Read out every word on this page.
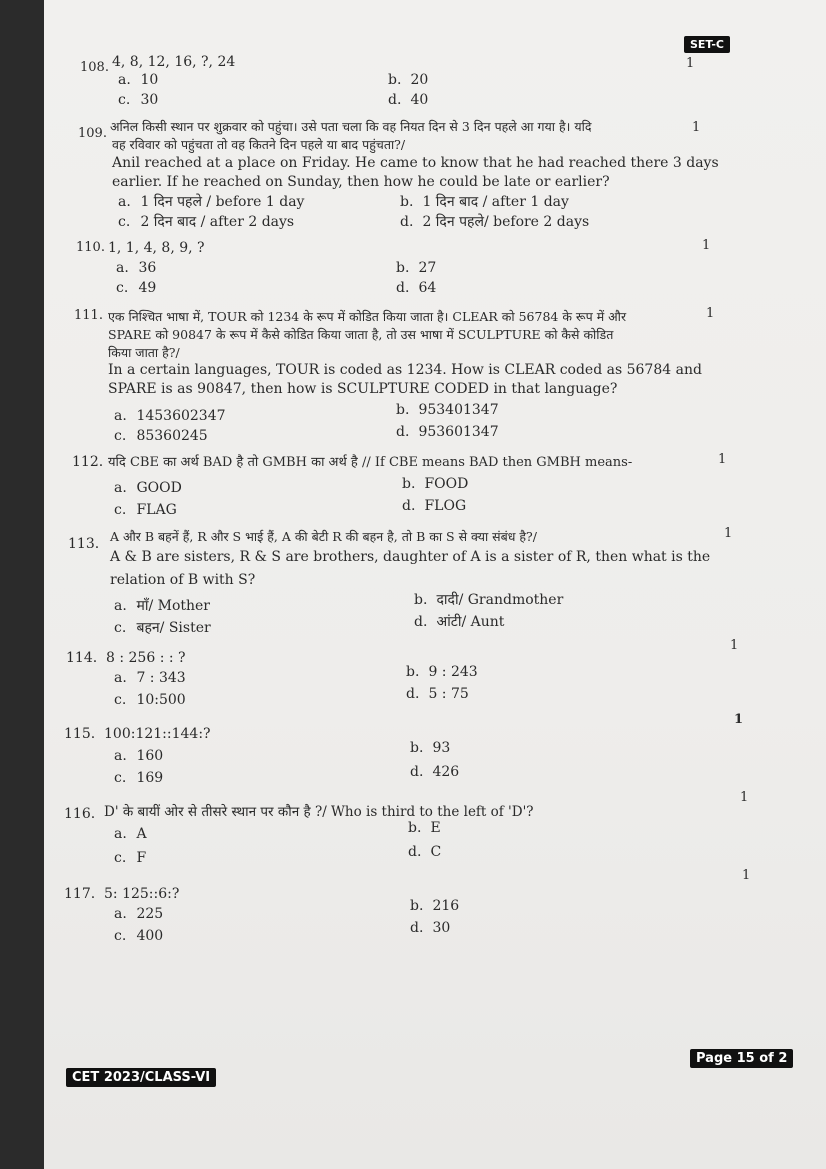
SET-C
108. 4, 8, 12, 16, ?, 24	1
a. 10	b. 20
c. 30	d. 40
109. अनिल किसी स्थान पर शुक्रवार को पहुंचा। उसे पता चला कि वह नियत दिन से 3 दिन पहले आ गया है। यदि
वह रविवार को पहुंचता तो वह कितने दिन पहले या बाद पहुंचता?/
Anil reached at a place on Friday. He came to know that he had reached there 3 days
earlier. If he reached on Sunday, then how he could be late or earlier?
1
a. 1 दिन पहले / before 1 day	b. 1 दिन बाद / after 1 day
c. 2 दिन बाद / after 2 days	d. 2 दिन पहले/ before 2 days
110. 1, 1, 4, 8, 9, ?	1
a. 36	b. 27
c. 49	d. 64
111. एक निश्चित भाषा में, TOUR को 1234 के रूप में कोडित किया जाता है। CLEAR को 56784 के रूप में और
SPARE को 90847 के रूप में कैसे कोडित किया जाता है, तो उस भाषा में SCULPTURE को कैसे कोडित
किया जाता है?/
In a certain languages, TOUR is coded as 1234. How is CLEAR coded as 56784 and
SPARE is as 90847, then how is SCULPTURE CODED in that language?
1
a. 1453602347	b. 953401347
c. 85360245	d. 953601347
112. यदि CBE का अर्थ BAD है तो GMBH का अर्थ है // If CBE means BAD then GMBH means-	1
a. GOOD	b. FOOD
c. FLAG	d. FLOG
113. A और B बहनें हैं, R और S भाई हैं, A की बेटी R की बहन है, तो B का S से क्या संबंध है?/
A & B are sisters, R & S are brothers, daughter of A is a sister of R, then what is the
relation of B with S?
1
a. माँ/ Mother	b. दादी/ Grandmother
c. बहन/ Sister	d. आंटी/ Aunt
114. 8 : 256 : : ?
1
a. 7 : 343	b. 9 : 243
c. 10:500	d. 5 : 75
115. 100:121::144:?
1
a. 160	b. 93
c. 169	d. 426
116. D' के बायीं ओर से तीसरे स्थान पर कौन है ?/ Who is third to the left of 'D'?
1
a. A	b. E
c. F	d. C
117. 5: 125::6:?
1
a. 225	b. 216
c. 400	d. 30
Page 15 of 2
CET 2023/CLASS-VI
